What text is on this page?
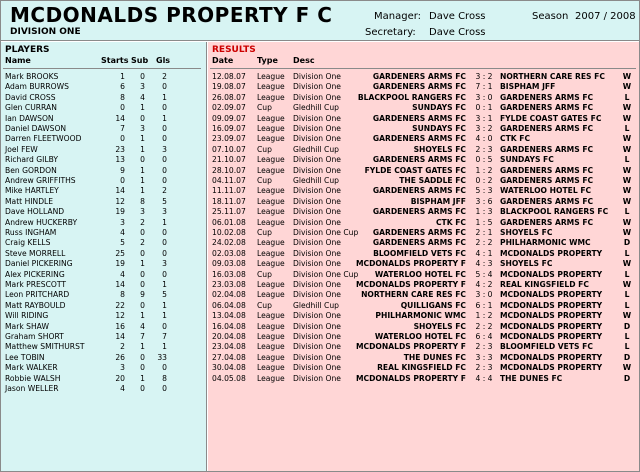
MCDONALDS PROPERTY F C
DIVISION ONE
Manager: Dave Cross
Secretary: Dave Cross
Season 2007 / 2008
PLAYERS
Name	Starts Sub Gls
Mark BROOKS	1	0	2
Adam BURROWS	6	3	0
David CROSS	8	4	1
Glen CURRAN	0	1	0
Ian DAWSON	14	0	1
Daniel DAWSON	7	3	0
Darren FLEETWOOD	0	1	0
Joel FEW	23	1	3
Richard GILBY	13	0	0
Ben GORDON	9	1	0
Andrew GRIFFITHS	0	1	0
Mike HARTLEY	14	1	2
Matt HINDLE	12	8	5
Dave HOLLAND	19	3	3
Andrew HUCKERBY	3	2	1
Russ INGHAM	4	0	0
Craig KELLS	5	2	0
Steve MORRELL	25	0	0
Daniel PICKERING	19	1	3
Alex PICKERING	4	0	0
Mark PRESCOTT	14	0	1
Leon PRITCHARD	8	9	5
Matt RAYBOULD	22	0	1
Will RIDING	12	1	1
Mark SHAW	16	4	0
Graham SHORT	14	7	7
Matthew SMITHURST	2	1	1
Lee TOBIN	26	0	33
Mark WALKER	3	0	0
Robbie WALSH	20	1	8
Jason WELLER	4	0	0
RESULTS
Date	Type Desc
12.08.07 League Division One	GARDENERS ARMS FC	3 : 2 NORTHERN CARE RES FC	W
19.08.07 League Division One	GARDENERS ARMS FC	7 : 1 BISPHAM JFF	W
26.08.07 League Division One	BLACKPOOL RANGERS FC	3 : 0 GARDENERS ARMS FC	L
02.09.07 Cup	Gledhill Cup	SUNDAYS FC	0 : 1 GARDENERS ARMS FC	W
09.09.07 League Division One	GARDENERS ARMS FC	3 : 1 FYLDE COAST GATES FC	W
16.09.07 League Division One	SUNDAYS FC	3 : 2 GARDENERS ARMS FC	L
23.09.07 League Division One	GARDENERS ARMS FC	4 : 0 CTK FC	W
07.10.07 Cup	Gledhill Cup	SHOYELS FC	2 : 3 GARDENERS ARMS FC	W
21.10.07 League Division One	GARDENERS ARMS FC	0 : 5 SUNDAYS FC	L
28.10.07 League Division One	FYLDE COAST GATES FC	1 : 2 GARDENERS ARMS FC	W
04.11.07 Cup	Gledhill Cup	THE SADDLE FC	0 : 2 GARDENERS ARMS FC	W
11.11.07 League Division One	GARDENERS ARMS FC	5 : 3 WATERLOO HOTEL FC	W
18.11.07 League Division One	BISPHAM JFF	3 : 6 GARDENERS ARMS FC	W
25.11.07 League Division One	GARDENERS ARMS FC	1 : 3 BLACKPOOL RANGERS FC	L
06.01.08 League Division One	CTK FC	1 : 5 GARDENERS ARMS FC	W
10.02.08 Cup	Division One Cup	GARDENERS ARMS FC	2 : 1 SHOYELS FC	W
24.02.08 League Division One	GARDENERS ARMS FC	2 : 2 PHILHARMONIC WMC	D
02.03.08 League Division One	BLOOMFIELD VETS FC	4 : 1 MCDONALDS PROPERTY	L
09.03.08 League Division One	MCDONALDS PROPERTY F	4 : 3 SHOYELS FC	W
16.03.08 Cup	Division One Cup	WATERLOO HOTEL FC	5 : 4 MCDONALDS PROPERTY	L
23.03.08 League Division One	MCDONALDS PROPERTY F	4 : 2 REAL KINGSFIELD FC	W
02.04.08 League Division One	NORTHERN CARE RES FC	3 : 0 MCDONALDS PROPERTY	L
06.04.08 Cup	Gledhill Cup	QUILLIGANS FC	6 : 1 MCDONALDS PROPERTY	L
13.04.08 League Division One	PHILHARMONIC WMC	1 : 2 MCDONALDS PROPERTY	W
16.04.08 League Division One	SHOYELS FC	2 : 2 MCDONALDS PROPERTY	D
20.04.08 League Division One	WATERLOO HOTEL FC	6 : 4 MCDONALDS PROPERTY	L
23.04.08 League Division One	MCDONALDS PROPERTY F	2 : 3 BLOOMFIELD VETS FC	L
27.04.08 League Division One	THE DUNES FC	3 : 3 MCDONALDS PROPERTY	D
30.04.08 League Division One	REAL KINGSFIELD FC	2 : 3 MCDONALDS PROPERTY	W
04.05.08 League Division One	MCDONALDS PROPERTY F	4 : 4 THE DUNES FC	D
